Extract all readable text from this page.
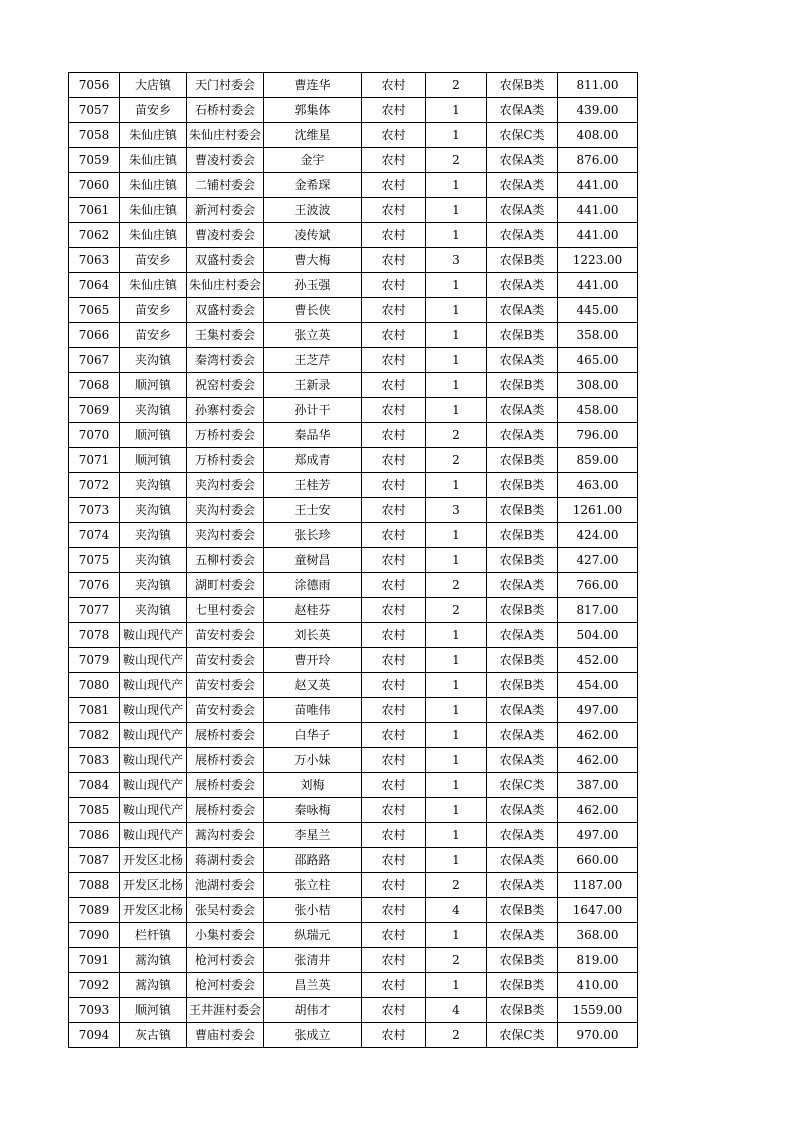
7056	大店镇	天门村委会	曹连华	农村	2	农保B类	811.00
7057	苗安乡	石桥村委会	郭集体	农村	1	农保A类	439.00
7058	朱仙庄镇	朱仙庄村委会	沈维星	农村	1	农保C类	408.00
7059	朱仙庄镇	曹凌村委会	金宇	农村	2	农保A类	876.00
7060	朱仙庄镇	二铺村委会	金希琛	农村	1	农保A类	441.00
7061	朱仙庄镇	新河村委会	王波波	农村	1	农保A类	441.00
7062	朱仙庄镇	曹凌村委会	凌传斌	农村	1	农保A类	441.00
7063	苗安乡	双盛村委会	曹大梅	农村	3	农保B类	1223.00
7064	朱仙庄镇	朱仙庄村委会	孙玉强	农村	1	农保A类	441.00
7065	苗安乡	双盛村委会	曹长侠	农村	1	农保A类	445.00
7066	苗安乡	王集村委会	张立英	农村	1	农保B类	358.00
7067	夹沟镇	秦湾村委会	王芝芹	农村	1	农保A类	465.00
7068	顺河镇	祝窑村委会	王新录	农村	1	农保B类	308.00
7069	夹沟镇	孙寨村委会	孙计干	农村	1	农保A类	458.00
7070	顺河镇	万桥村委会	秦品华	农村	2	农保A类	796.00
7071	顺河镇	万桥村委会	郑成青	农村	2	农保B类	859.00
7072	夹沟镇	夹沟村委会	王桂芳	农村	1	农保B类	463.00
7073	夹沟镇	夹沟村委会	王士安	农村	3	农保B类	1261.00
7074	夹沟镇	夹沟村委会	张长珍	农村	1	农保B类	424.00
7075	夹沟镇	五柳村委会	童树昌	农村	1	农保B类	427.00
7076	夹沟镇	湖町村委会	涂德雨	农村	2	农保A类	766.00
7077	夹沟镇	七里村委会	赵桂芬	农村	2	农保B类	817.00
7078	鞍山现代产	苗安村委会	刘长英	农村	1	农保A类	504.00
7079	鞍山现代产	苗安村委会	曹开玲	农村	1	农保B类	452.00
7080	鞍山现代产	苗安村委会	赵又英	农村	1	农保B类	454.00
7081	鞍山现代产	苗安村委会	苗唯伟	农村	1	农保A类	497.00
7082	鞍山现代产	展桥村委会	白华子	农村	1	农保A类	462.00
7083	鞍山现代产	展桥村委会	万小妹	农村	1	农保A类	462.00
7084	鞍山现代产	展桥村委会	刘梅	农村	1	农保C类	387.00
7085	鞍山现代产	展桥村委会	秦咏梅	农村	1	农保A类	462.00
7086	鞍山现代产	蒿沟村委会	李星兰	农村	1	农保A类	497.00
7087	开发区北杨	蒋湖村委会	邵路路	农村	1	农保A类	660.00
7088	开发区北杨	池湖村委会	张立柱	农村	2	农保A类	1187.00
7089	开发区北杨	张吴村委会	张小桔	农村	4	农保B类	1647.00
7090	栏杆镇	小集村委会	纵瑞元	农村	1	农保A类	368.00
7091	蒿沟镇	枪河村委会	张清井	农村	2	农保B类	819.00
7092	蒿沟镇	枪河村委会	昌兰英	农村	1	农保B类	410.00
7093	顺河镇	王井涯村委会	胡伟才	农村	4	农保B类	1559.00
7094	灰古镇	曹庙村委会	张成立	农村	2	农保C类	970.00
